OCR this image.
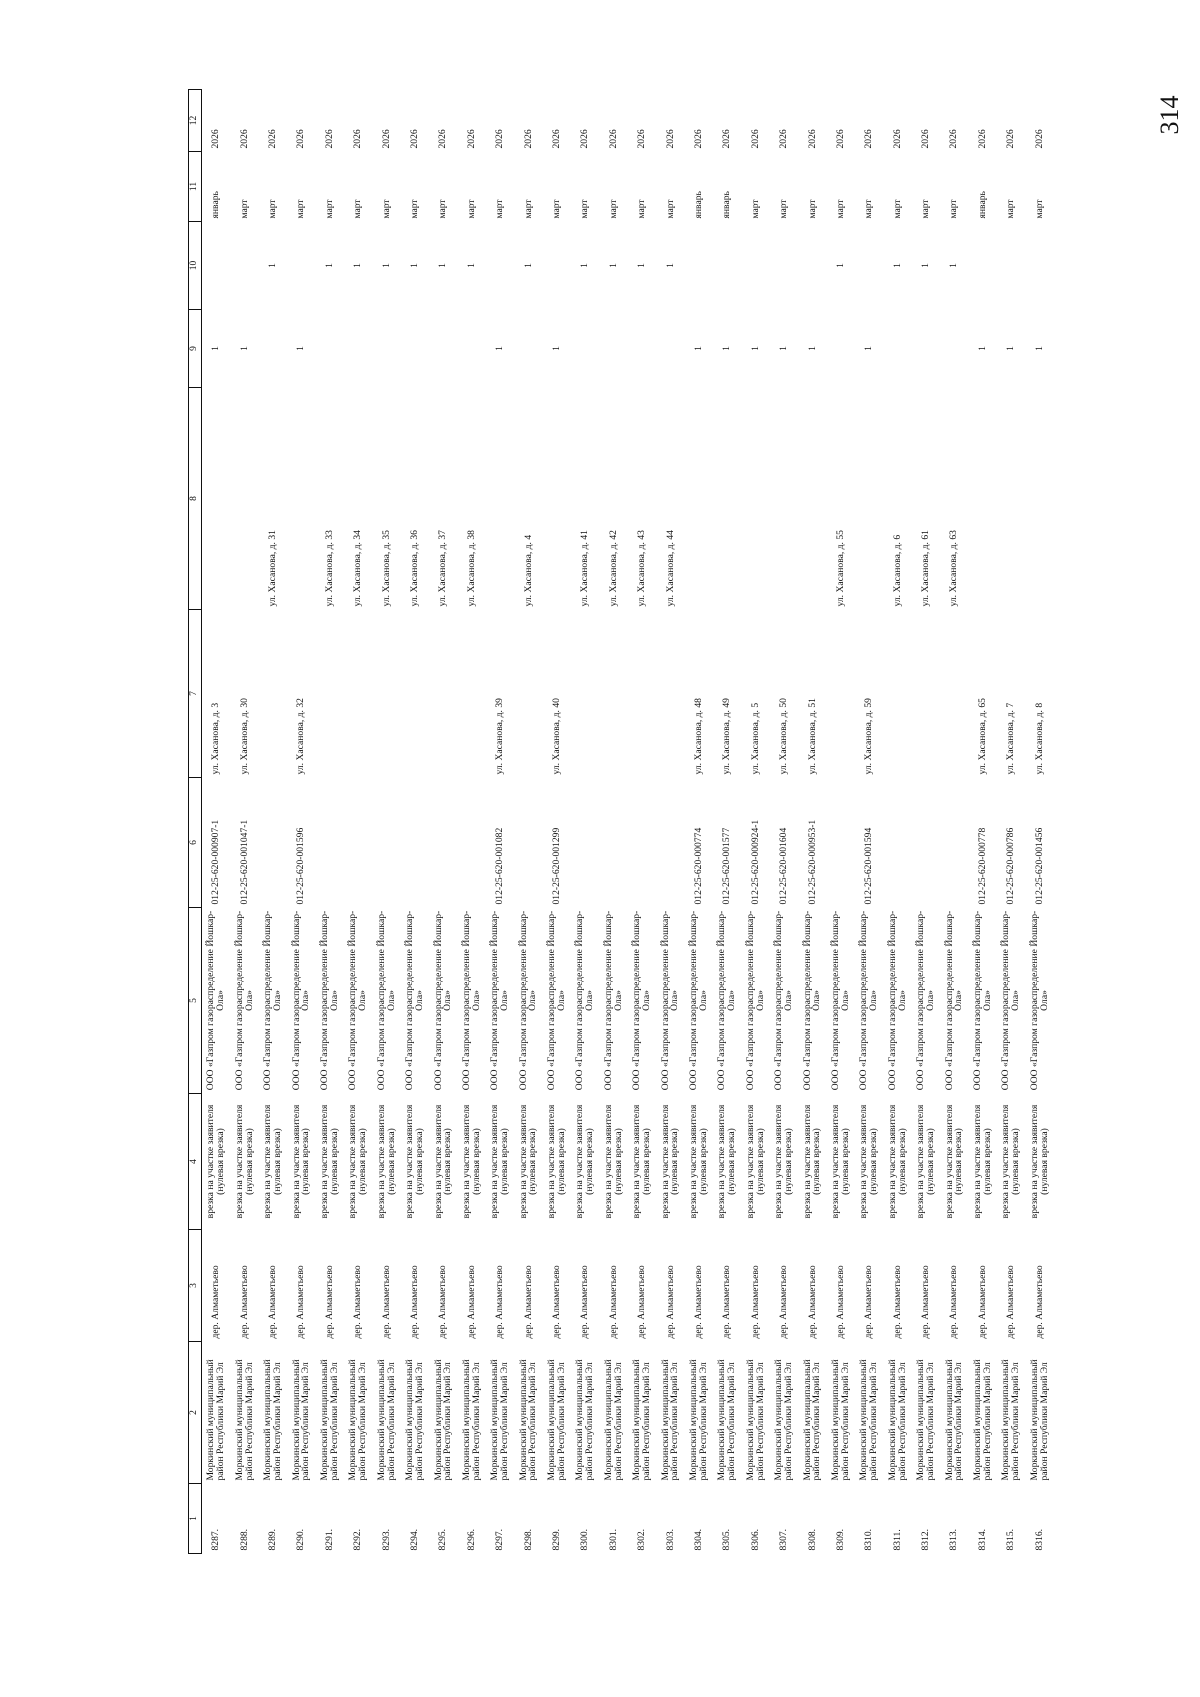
314
1	2	3	4	5	6	7	8	9	10	11	12
8287.	Моркинский муниципальный район Республики Марий Эл	дер. Алмаметьево	врезка на участке заявителя (нулевая врезка)	ООО «Газпром газораспределение Йошкар-Ола»	012-25-620-000907-1	ул. Хасанова, д. 3		1		январь	2026
8288.	Моркинский муниципальный район Республики Марий Эл	дер. Алмаметьево	врезка на участке заявителя (нулевая врезка)	ООО «Газпром газораспределение Йошкар-Ола»	012-25-620-001047-1	ул. Хасанова, д. 30		1		март	2026
8289.	Моркинский муниципальный район Республики Марий Эл	дер. Алмаметьево	врезка на участке заявителя (нулевая врезка)	ООО «Газпром газораспределение Йошкар-Ола»			ул. Хасанова, д. 31		1	март	2026
8290.	Моркинский муниципальный район Республики Марий Эл	дер. Алмаметьево	врезка на участке заявителя (нулевая врезка)	ООО «Газпром газораспределение Йошкар-Ола»	012-25-620-001596	ул. Хасанова, д. 32		1		март	2026
8291.	Моркинский муниципальный район Республики Марий Эл	дер. Алмаметьево	врезка на участке заявителя (нулевая врезка)	ООО «Газпром газораспределение Йошкар-Ола»			ул. Хасанова, д. 33		1	март	2026
8292.	Моркинский муниципальный район Республики Марий Эл	дер. Алмаметьево	врезка на участке заявителя (нулевая врезка)	ООО «Газпром газораспределение Йошкар-Ола»			ул. Хасанова, д. 34		1	март	2026
8293.	Моркинский муниципальный район Республики Марий Эл	дер. Алмаметьево	врезка на участке заявителя (нулевая врезка)	ООО «Газпром газораспределение Йошкар-Ола»			ул. Хасанова, д. 35		1	март	2026
8294.	Моркинский муниципальный район Республики Марий Эл	дер. Алмаметьево	врезка на участке заявителя (нулевая врезка)	ООО «Газпром газораспределение Йошкар-Ола»			ул. Хасанова, д. 36		1	март	2026
8295.	Моркинский муниципальный район Республики Марий Эл	дер. Алмаметьево	врезка на участке заявителя (нулевая врезка)	ООО «Газпром газораспределение Йошкар-Ола»			ул. Хасанова, д. 37		1	март	2026
8296.	Моркинский муниципальный район Республики Марий Эл	дер. Алмаметьево	врезка на участке заявителя (нулевая врезка)	ООО «Газпром газораспределение Йошкар-Ола»			ул. Хасанова, д. 38		1	март	2026
8297.	Моркинский муниципальный район Республики Марий Эл	дер. Алмаметьево	врезка на участке заявителя (нулевая врезка)	ООО «Газпром газораспределение Йошкар-Ола»	012-25-620-001082	ул. Хасанова, д. 39		1		март	2026
8298.	Моркинский муниципальный район Республики Марий Эл	дер. Алмаметьево	врезка на участке заявителя (нулевая врезка)	ООО «Газпром газораспределение Йошкар-Ола»			ул. Хасанова, д. 4		1	март	2026
8299.	Моркинский муниципальный район Республики Марий Эл	дер. Алмаметьево	врезка на участке заявителя (нулевая врезка)	ООО «Газпром газораспределение Йошкар-Ола»	012-25-620-001299	ул. Хасанова, д. 40		1		март	2026
8300.	Моркинский муниципальный район Республики Марий Эл	дер. Алмаметьево	врезка на участке заявителя (нулевая врезка)	ООО «Газпром газораспределение Йошкар-Ола»			ул. Хасанова, д. 41		1	март	2026
8301.	Моркинский муниципальный район Республики Марий Эл	дер. Алмаметьево	врезка на участке заявителя (нулевая врезка)	ООО «Газпром газораспределение Йошкар-Ола»			ул. Хасанова, д. 42		1	март	2026
8302.	Моркинский муниципальный район Республики Марий Эл	дер. Алмаметьево	врезка на участке заявителя (нулевая врезка)	ООО «Газпром газораспределение Йошкар-Ола»			ул. Хасанова, д. 43		1	март	2026
8303.	Моркинский муниципальный район Республики Марий Эл	дер. Алмаметьево	врезка на участке заявителя (нулевая врезка)	ООО «Газпром газораспределение Йошкар-Ола»			ул. Хасанова, д. 44		1	март	2026
8304.	Моркинский муниципальный район Республики Марий Эл	дер. Алмаметьево	врезка на участке заявителя (нулевая врезка)	ООО «Газпром газораспределение Йошкар-Ола»	012-25-620-000774	ул. Хасанова, д. 48		1		январь	2026
8305.	Моркинский муниципальный район Республики Марий Эл	дер. Алмаметьево	врезка на участке заявителя (нулевая врезка)	ООО «Газпром газораспределение Йошкар-Ола»	012-25-620-001577	ул. Хасанова, д. 49		1		январь	2026
8306.	Моркинский муниципальный район Республики Марий Эл	дер. Алмаметьево	врезка на участке заявителя (нулевая врезка)	ООО «Газпром газораспределение Йошкар-Ола»	012-25-620-000924-1	ул. Хасанова, д. 5		1		март	2026
8307.	Моркинский муниципальный район Республики Марий Эл	дер. Алмаметьево	врезка на участке заявителя (нулевая врезка)	ООО «Газпром газораспределение Йошкар-Ола»	012-25-620-001604	ул. Хасанова, д. 50		1		март	2026
8308.	Моркинский муниципальный район Республики Марий Эл	дер. Алмаметьево	врезка на участке заявителя (нулевая врезка)	ООО «Газпром газораспределение Йошкар-Ола»	012-25-620-000953-1	ул. Хасанова, д. 51		1		март	2026
8309.	Моркинский муниципальный район Республики Марий Эл	дер. Алмаметьево	врезка на участке заявителя (нулевая врезка)	ООО «Газпром газораспределение Йошкар-Ола»			ул. Хасанова, д. 55		1	март	2026
8310.	Моркинский муниципальный район Республики Марий Эл	дер. Алмаметьево	врезка на участке заявителя (нулевая врезка)	ООО «Газпром газораспределение Йошкар-Ола»	012-25-620-001594	ул. Хасанова, д. 59		1		март	2026
8311.	Моркинский муниципальный район Республики Марий Эл	дер. Алмаметьево	врезка на участке заявителя (нулевая врезка)	ООО «Газпром газораспределение Йошкар-Ола»			ул. Хасанова, д. 6		1	март	2026
8312.	Моркинский муниципальный район Республики Марий Эл	дер. Алмаметьево	врезка на участке заявителя (нулевая врезка)	ООО «Газпром газораспределение Йошкар-Ола»			ул. Хасанова, д. 61		1	март	2026
8313.	Моркинский муниципальный район Республики Марий Эл	дер. Алмаметьево	врезка на участке заявителя (нулевая врезка)	ООО «Газпром газораспределение Йошкар-Ола»			ул. Хасанова, д. 63		1	март	2026
8314.	Моркинский муниципальный район Республики Марий Эл	дер. Алмаметьево	врезка на участке заявителя (нулевая врезка)	ООО «Газпром газораспределение Йошкар-Ола»	012-25-620-000778	ул. Хасанова, д. 65		1		январь	2026
8315.	Моркинский муниципальный район Республики Марий Эл	дер. Алмаметьево	врезка на участке заявителя (нулевая врезка)	ООО «Газпром газораспределение Йошкар-Ола»	012-25-620-000786	ул. Хасанова, д. 7		1		март	2026
8316.	Моркинский муниципальный район Республики Марий Эл	дер. Алмаметьево	врезка на участке заявителя (нулевая врезка)	ООО «Газпром газораспределение Йошкар-Ола»	012-25-620-001456	ул. Хасанова, д. 8		1		март	2026
